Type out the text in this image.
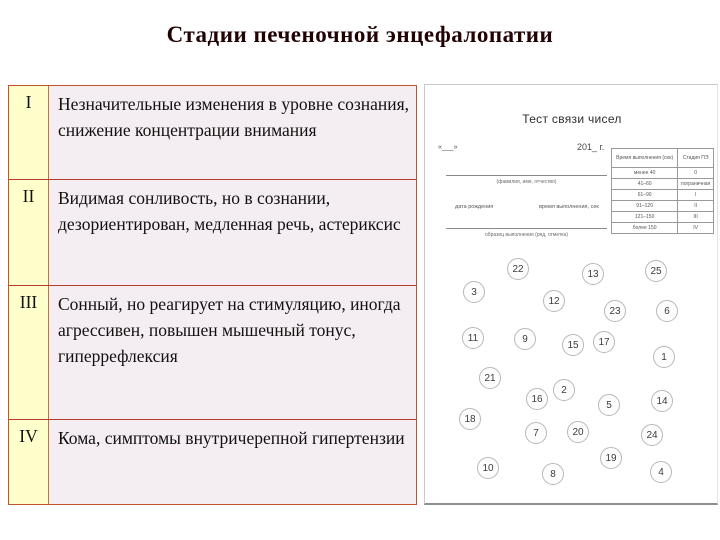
Стадии печеночной энцефалопатии
I	Незначительные изменения в уровне сознания, снижение концентрации внимания
II	Видимая сонливость, но в сознании, дезориентирован, медленная речь, астериксис
III	Сонный, но реагирует на стимуляцию, иногда агрессивен, повышен мышечный тонус, гиперрефлексия
IV	Кома, симптомы внутричерепной гипертензии
Тест связи чисел
«___»	201_ г.
(фамилия, имя, отчество)
дата рождения	время выполнения, сек
образец выполнения (ряд, отметка)
Время выполнения (сек)	Стадия ПЭ
менее 40	0
41–60	пограничная
61–90	I
91–120	II
121–150	III
более 150	IV
1
2
3
4
5
6
7
8
9
10
11
12
13
14
15
16
17
18
19
20
21
22
23
24
25
